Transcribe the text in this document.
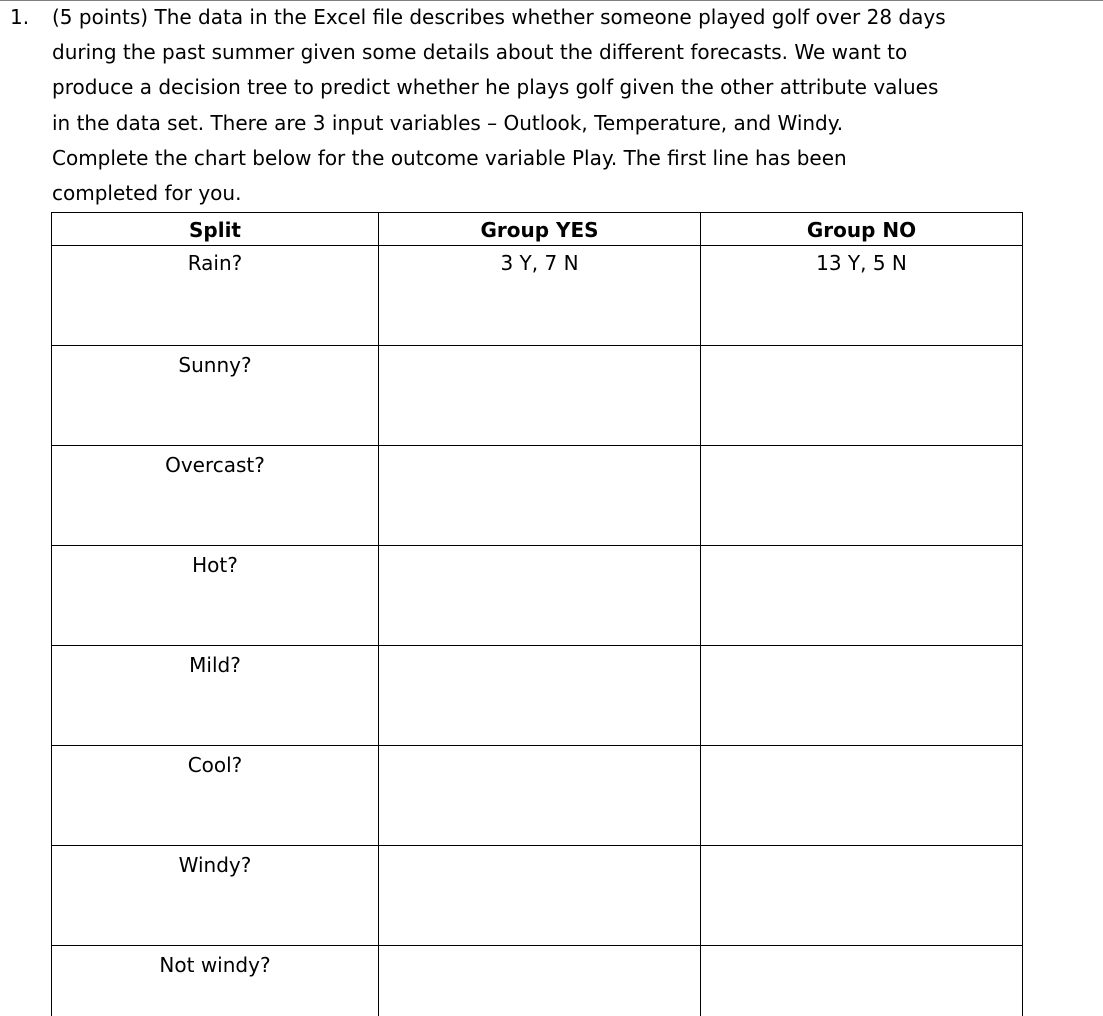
1. (5 points) The data in the Excel file describes whether someone played golf over 28 days
during the past summer given some details about the different forecasts. We want to
produce a decision tree to predict whether he plays golf given the other attribute values
in the data set. There are 3 input variables – Outlook, Temperature, and Windy.
Complete the chart below for the outcome variable Play. The first line has been
completed for you.
Split	Group YES	Group NO
Rain?	3 Y, 7 N	13 Y, 5 N
Sunny?		
Overcast?		
Hot?		
Mild?		
Cool?		
Windy?		
Not windy?		
